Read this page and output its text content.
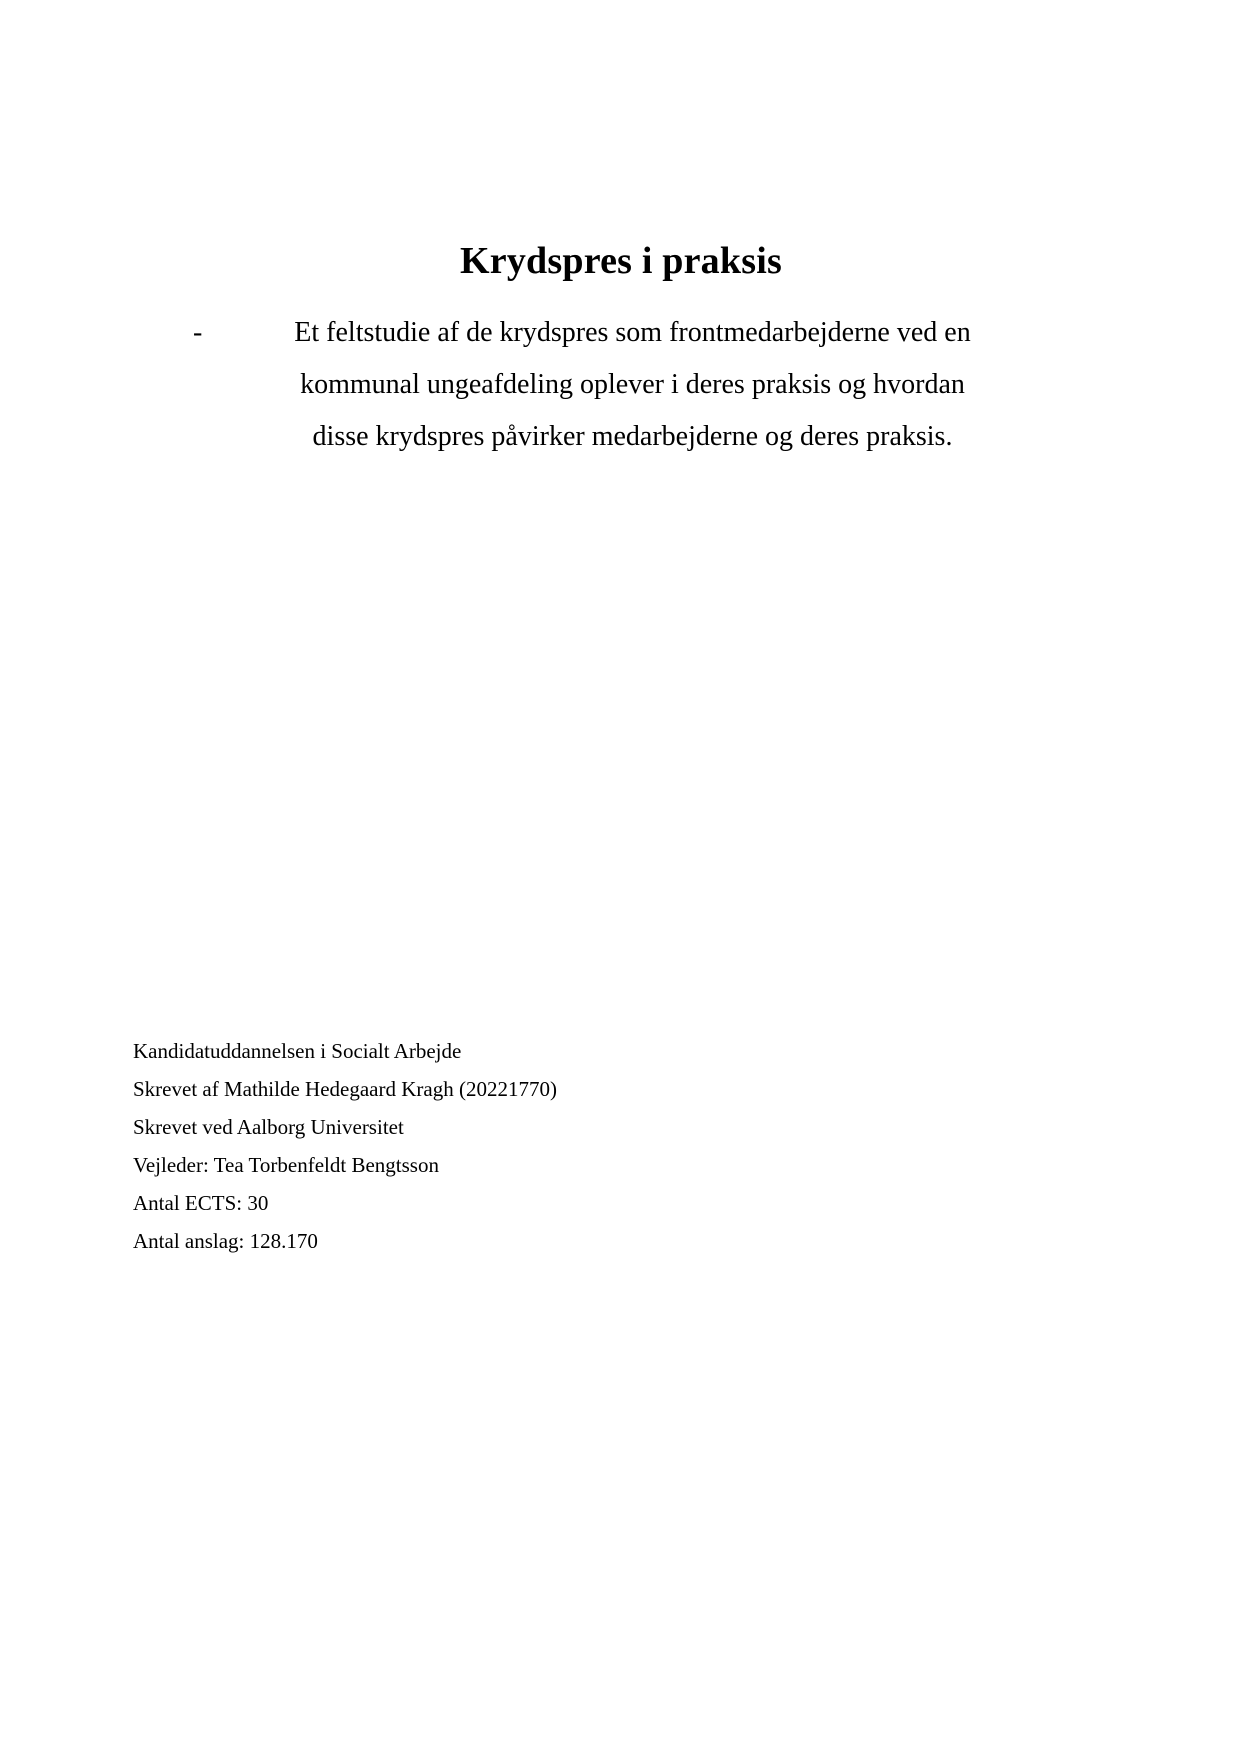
Krydspres i praksis
-	Et feltstudie af de krydspres som frontmedarbejderne ved en
kommunal ungeafdeling oplever i deres praksis og hvordan
disse krydspres påvirker medarbejderne og deres praksis.
Kandidatuddannelsen i Socialt Arbejde
Skrevet af Mathilde Hedegaard Kragh (20221770)
Skrevet ved Aalborg Universitet
Vejleder: Tea Torbenfeldt Bengtsson
Antal ECTS: 30
Antal anslag: 128.170
